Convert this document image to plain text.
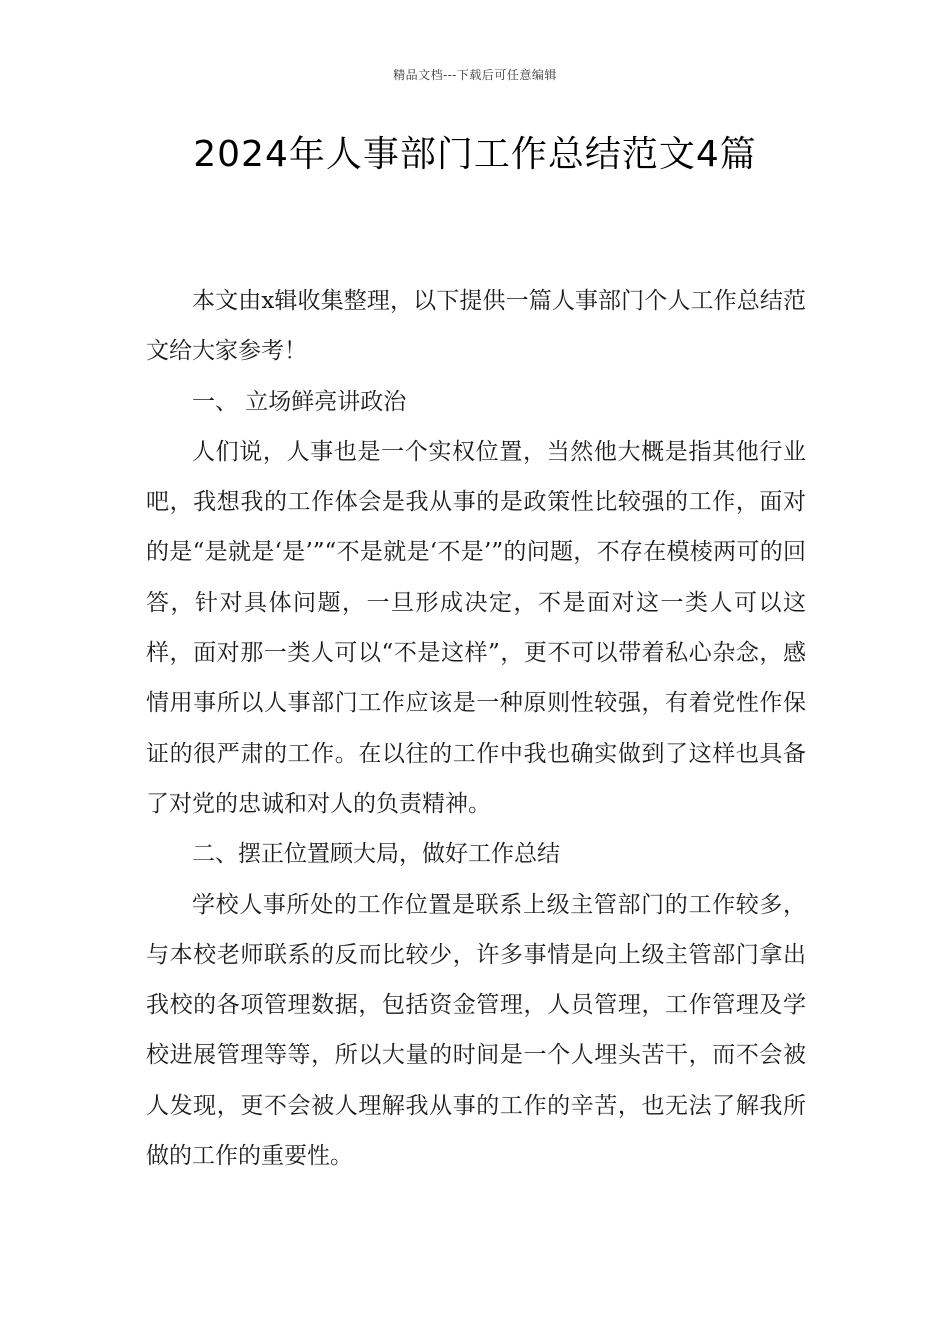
精品文档---下载后可任意编辑
2024年人事部门工作总结范文4篇

本文由x辑收集整理，以下提供一篇人事部门个人工作总结范文给大家参考！

一、 立场鲜亮讲政治

人们说，人事也是一个实权位置，当然他大概是指其他行业吧，我想我的工作体会是我从事的是政策性比较强的工作，面对的是“是就是‘是’”“不是就是‘不是’”的问题，不存在模棱两可的回答，针对具体问题，一旦形成决定，不是面对这一类人可以这样，面对那一类人可以“不是这样”，更不可以带着私心杂念，感情用事所以人事部门工作应该是一种原则性较强，有着党性作保证的很严肃的工作。在以往的工作中我也确实做到了这样也具备了对党的忠诚和对人的负责精神。

二、摆正位置顾大局，做好工作总结

学校人事所处的工作位置是联系上级主管部门的工作较多，与本校老师联系的反而比较少，许多事情是向上级主管部门拿出我校的各项管理数据，包括资金管理，人员管理，工作管理及学校进展管理等等，所以大量的时间是一个人埋头苦干，而不会被人发现，更不会被人理解我从事的工作的辛苦，也无法了解我所做的工作的重要性。
